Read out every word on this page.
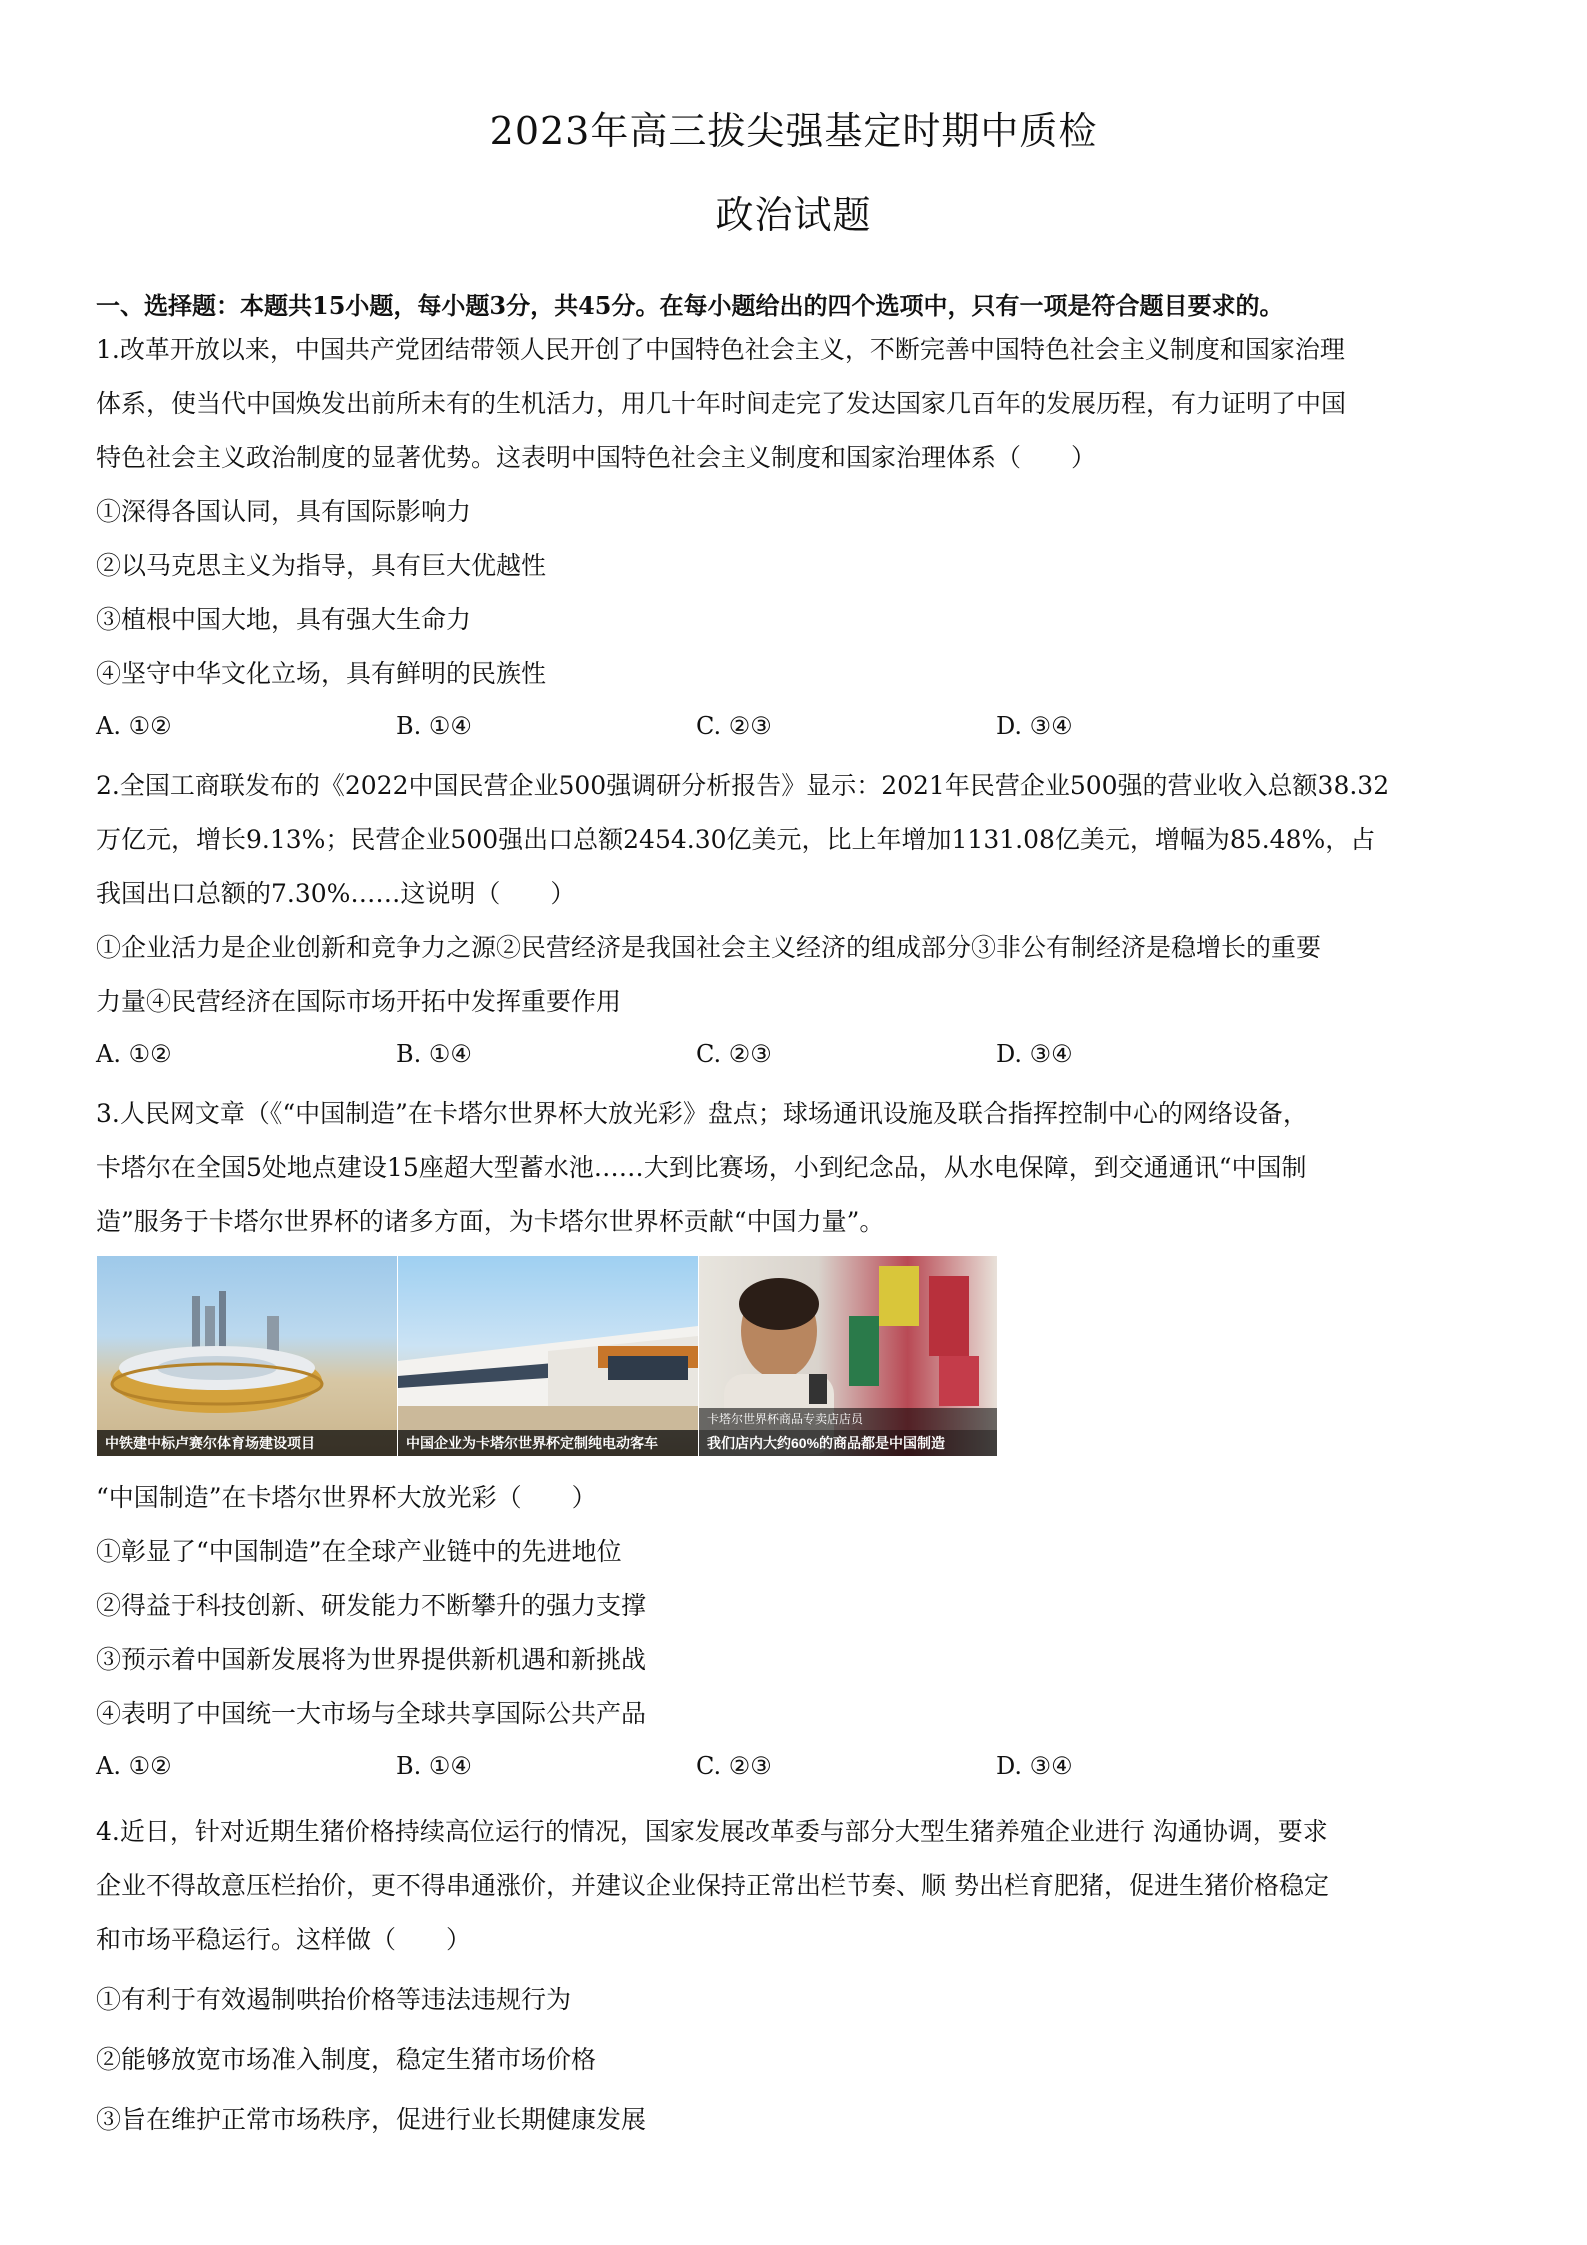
2023年高三拔尖强基定时期中质检
政治试题
一、选择题：本题共15小题，每小题3分，共45分。在每小题给出的四个选项中，只有一项是符合题目要求的。
1.改革开放以来，中国共产党团结带领人民开创了中国特色社会主义，不断完善中国特色社会主义制度和国家治理
体系，使当代中国焕发出前所未有的生机活力，用几十年时间走完了发达国家几百年的发展历程，有力证明了中国
特色社会主义政治制度的显著优势。这表明中国特色社会主义制度和国家治理体系（　　）
①深得各国认同，具有国际影响力
②以马克思主义为指导，具有巨大优越性
③植根中国大地，具有强大生命力
④坚守中华文化立场，具有鲜明的民族性
A. ①②	B. ①④	C. ②③	D. ③④
2.全国工商联发布的《2022中国民营企业500强调研分析报告》显示：2021年民营企业500强的营业收入总额38.32
万亿元，增长9.13%；民营企业500强出口总额2454.30亿美元，比上年增加1131.08亿美元，增幅为85.48%，占
我国出口总额的7.30%……这说明（　　）
①企业活力是企业创新和竞争力之源②民营经济是我国社会主义经济的组成部分③非公有制经济是稳增长的重要
力量④民营经济在国际市场开拓中发挥重要作用
A. ①②	B. ①④	C. ②③	D. ③④
3.人民网文章（《“中国制造”在卡塔尔世界杯大放光彩》盘点；球场通讯设施及联合指挥控制中心的网络设备，
卡塔尔在全国5处地点建设15座超大型蓄水池……大到比赛场，小到纪念品，从水电保障，到交通通讯“中国制
造”服务于卡塔尔世界杯的诸多方面，为卡塔尔世界杯贡献“中国力量”。
中铁建中标卢赛尔体育场建设项目	中国企业为卡塔尔世界杯定制纯电动客车
卡塔尔世界杯商品专卖店店员
我们店内大约60%的商品都是中国制造
“中国制造”在卡塔尔世界杯大放光彩（　　）
①彰显了“中国制造”在全球产业链中的先进地位
②得益于科技创新、研发能力不断攀升的强力支撑
③预示着中国新发展将为世界提供新机遇和新挑战
④表明了中国统一大市场与全球共享国际公共产品
A. ①②	B. ①④	C. ②③	D. ③④
4.近日，针对近期生猪价格持续高位运行的情况，国家发展改革委与部分大型生猪养殖企业进行 沟通协调，要求
企业不得故意压栏抬价，更不得串通涨价，并建议企业保持正常出栏节奏、顺 势出栏育肥猪，促进生猪价格稳定
和市场平稳运行。这样做（　　）
①有利于有效遏制哄抬价格等违法违规行为
②能够放宽市场准入制度，稳定生猪市场价格
③旨在维护正常市场秩序，促进行业长期健康发展
